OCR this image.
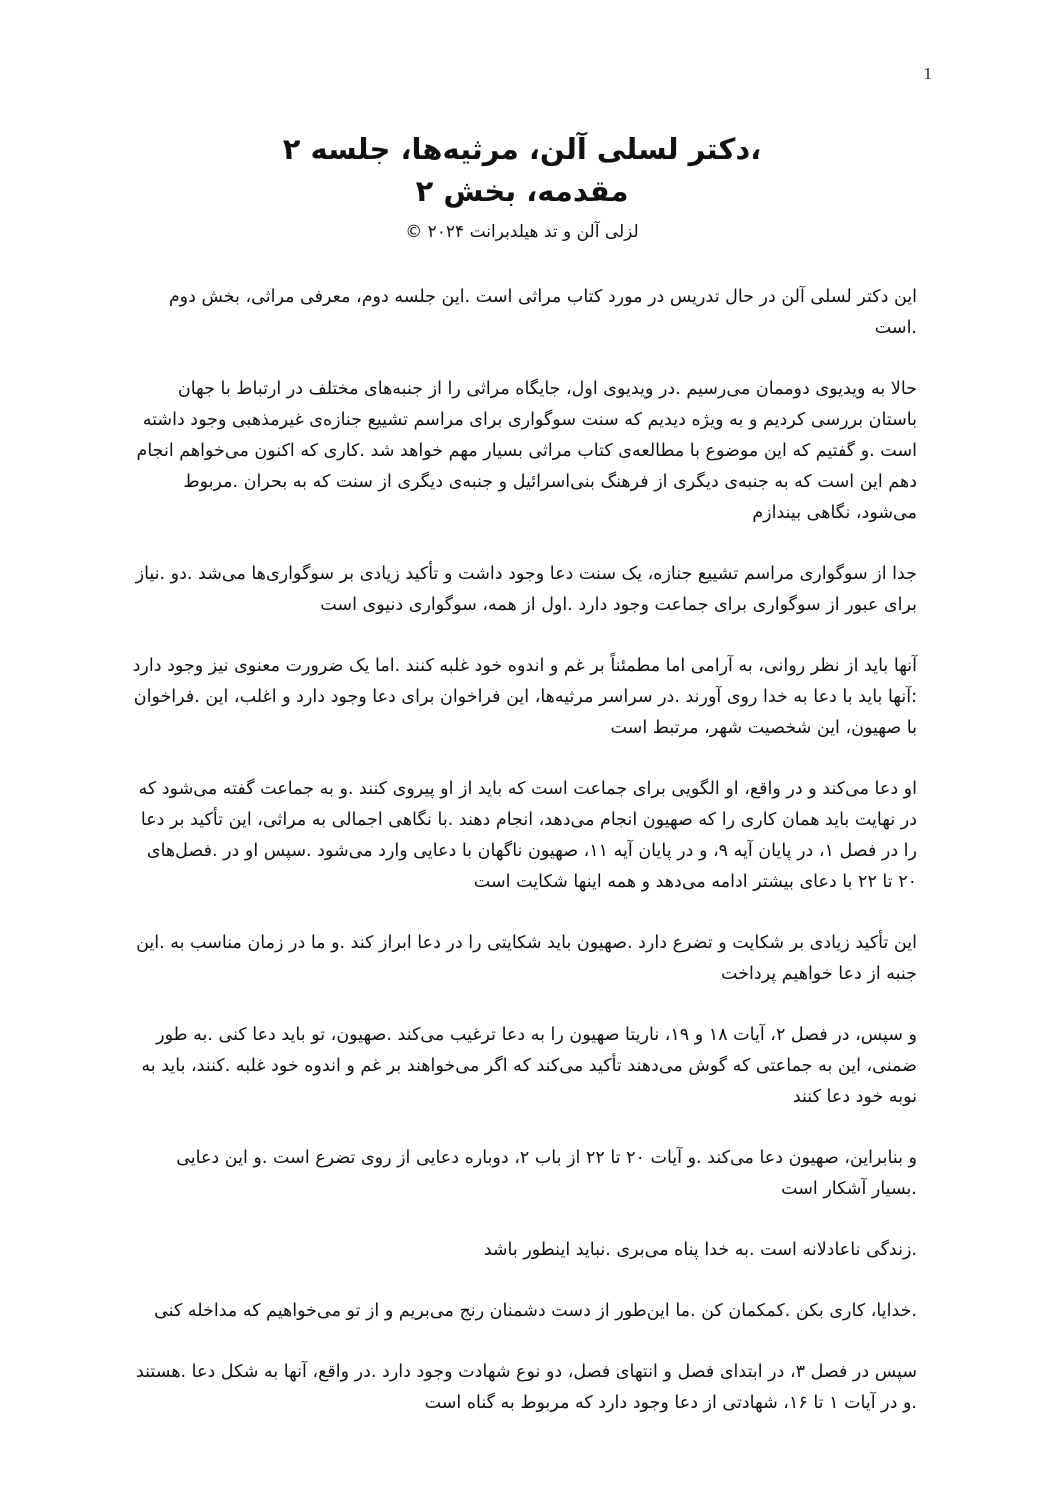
1
،دکتر لسلی آلن، مرثیه‌ها، جلسه ۲
مقدمه، بخش ۲
لزلی آلن و تد هیلدبرانت ۲۰۲۴ ©

این دکتر لسلی آلن در حال تدریس در مورد کتاب مراثی است .این جلسه دوم، معرفی مراثی، بخش دوم .است

حالا به ویدیوی دوممان می‌رسیم .در ویدیوی اول، جایگاه مراثی را از جنبه‌های مختلف در ارتباط با جهان باستان بررسی کردیم و به ویژه دیدیم که سنت سوگواری برای مراسم تشییع جنازه‌ی غیرمذهبی وجود داشته است .و گفتیم که این موضوع با مطالعه‌ی کتاب مراثی بسیار مهم خواهد شد .کاری که اکنون می‌خواهم انجام دهم این است که به جنبه‌ی دیگری از فرهنگ بنی‌اسرائیل و جنبه‌ی دیگری از سنت که به بحران .مربوط می‌شود، نگاهی بیندازم

جدا از سوگواری مراسم تشییع جنازه، یک سنت دعا وجود داشت و تأکید زیادی بر سوگواری‌ها می‌شد .دو .نیاز برای عبور از سوگواری برای جماعت وجود دارد .اول از همه، سوگواری دنیوی است

آنها باید از نظر روانی، به آرامی اما مطمئناً بر غم و اندوه خود غلبه کنند .اما یک ضرورت معنوی نیز وجود دارد :آنها باید با دعا به خدا روی آورند .در سراسر مرثیه‌ها، این فراخوان برای دعا وجود دارد و اغلب، این .فراخوان با صهیون، این شخصیت شهر، مرتبط است

او دعا می‌کند و در واقع، او الگویی برای جماعت است که باید از او پیروی کنند .و به جماعت گفته می‌شود که در نهایت باید همان کاری را که صهیون انجام می‌دهد، انجام دهند .با نگاهی اجمالی به مراثی، این تأکید بر دعا را در فصل ۱، در پایان آیه ۹، و در پایان آیه ۱۱، صهیون ناگهان با دعایی وارد می‌شود .سپس او در .فصل‌های ۲۰ تا ۲۲ با دعای بیشتر ادامه می‌دهد و همه اینها شکایت است

این تأکید زیادی بر شکایت و تضرع دارد .صهیون باید شکایتی را در دعا ابراز کند .و ما در زمان مناسب به .این جنبه از دعا خواهیم پرداخت

و سپس، در فصل ۲، آیات ۱۸ و ۱۹، ناریتا صهیون را به دعا ترغیب می‌کند .صهیون، تو باید دعا کنی .به طور ضمنی، این به جماعتی که گوش می‌دهند تأکید می‌کند که اگر می‌خواهند بر غم و اندوه خود غلبه .کنند، باید به نوبه خود دعا کنند

و بنابراین، صهیون دعا می‌کند .و آیات ۲۰ تا ۲۲ از باب ۲، دوباره دعایی از روی تضرع است .و این دعایی .بسیار آشکار است

.زندگی ناعادلانه است .به خدا پناه می‌بری .نباید اینطور باشد

.خدایا، کاری بکن .کمکمان کن .ما این‌طور از دست دشمنان رنج می‌بریم و از تو می‌خواهیم که مداخله کنی

سپس در فصل ۳، در ابتدای فصل و انتهای فصل، دو نوع شهادت وجود دارد .در واقع، آنها به شکل دعا .هستند .و در آیات ۱ تا ۱۶، شهادتی از دعا وجود دارد که مربوط به گناه است
